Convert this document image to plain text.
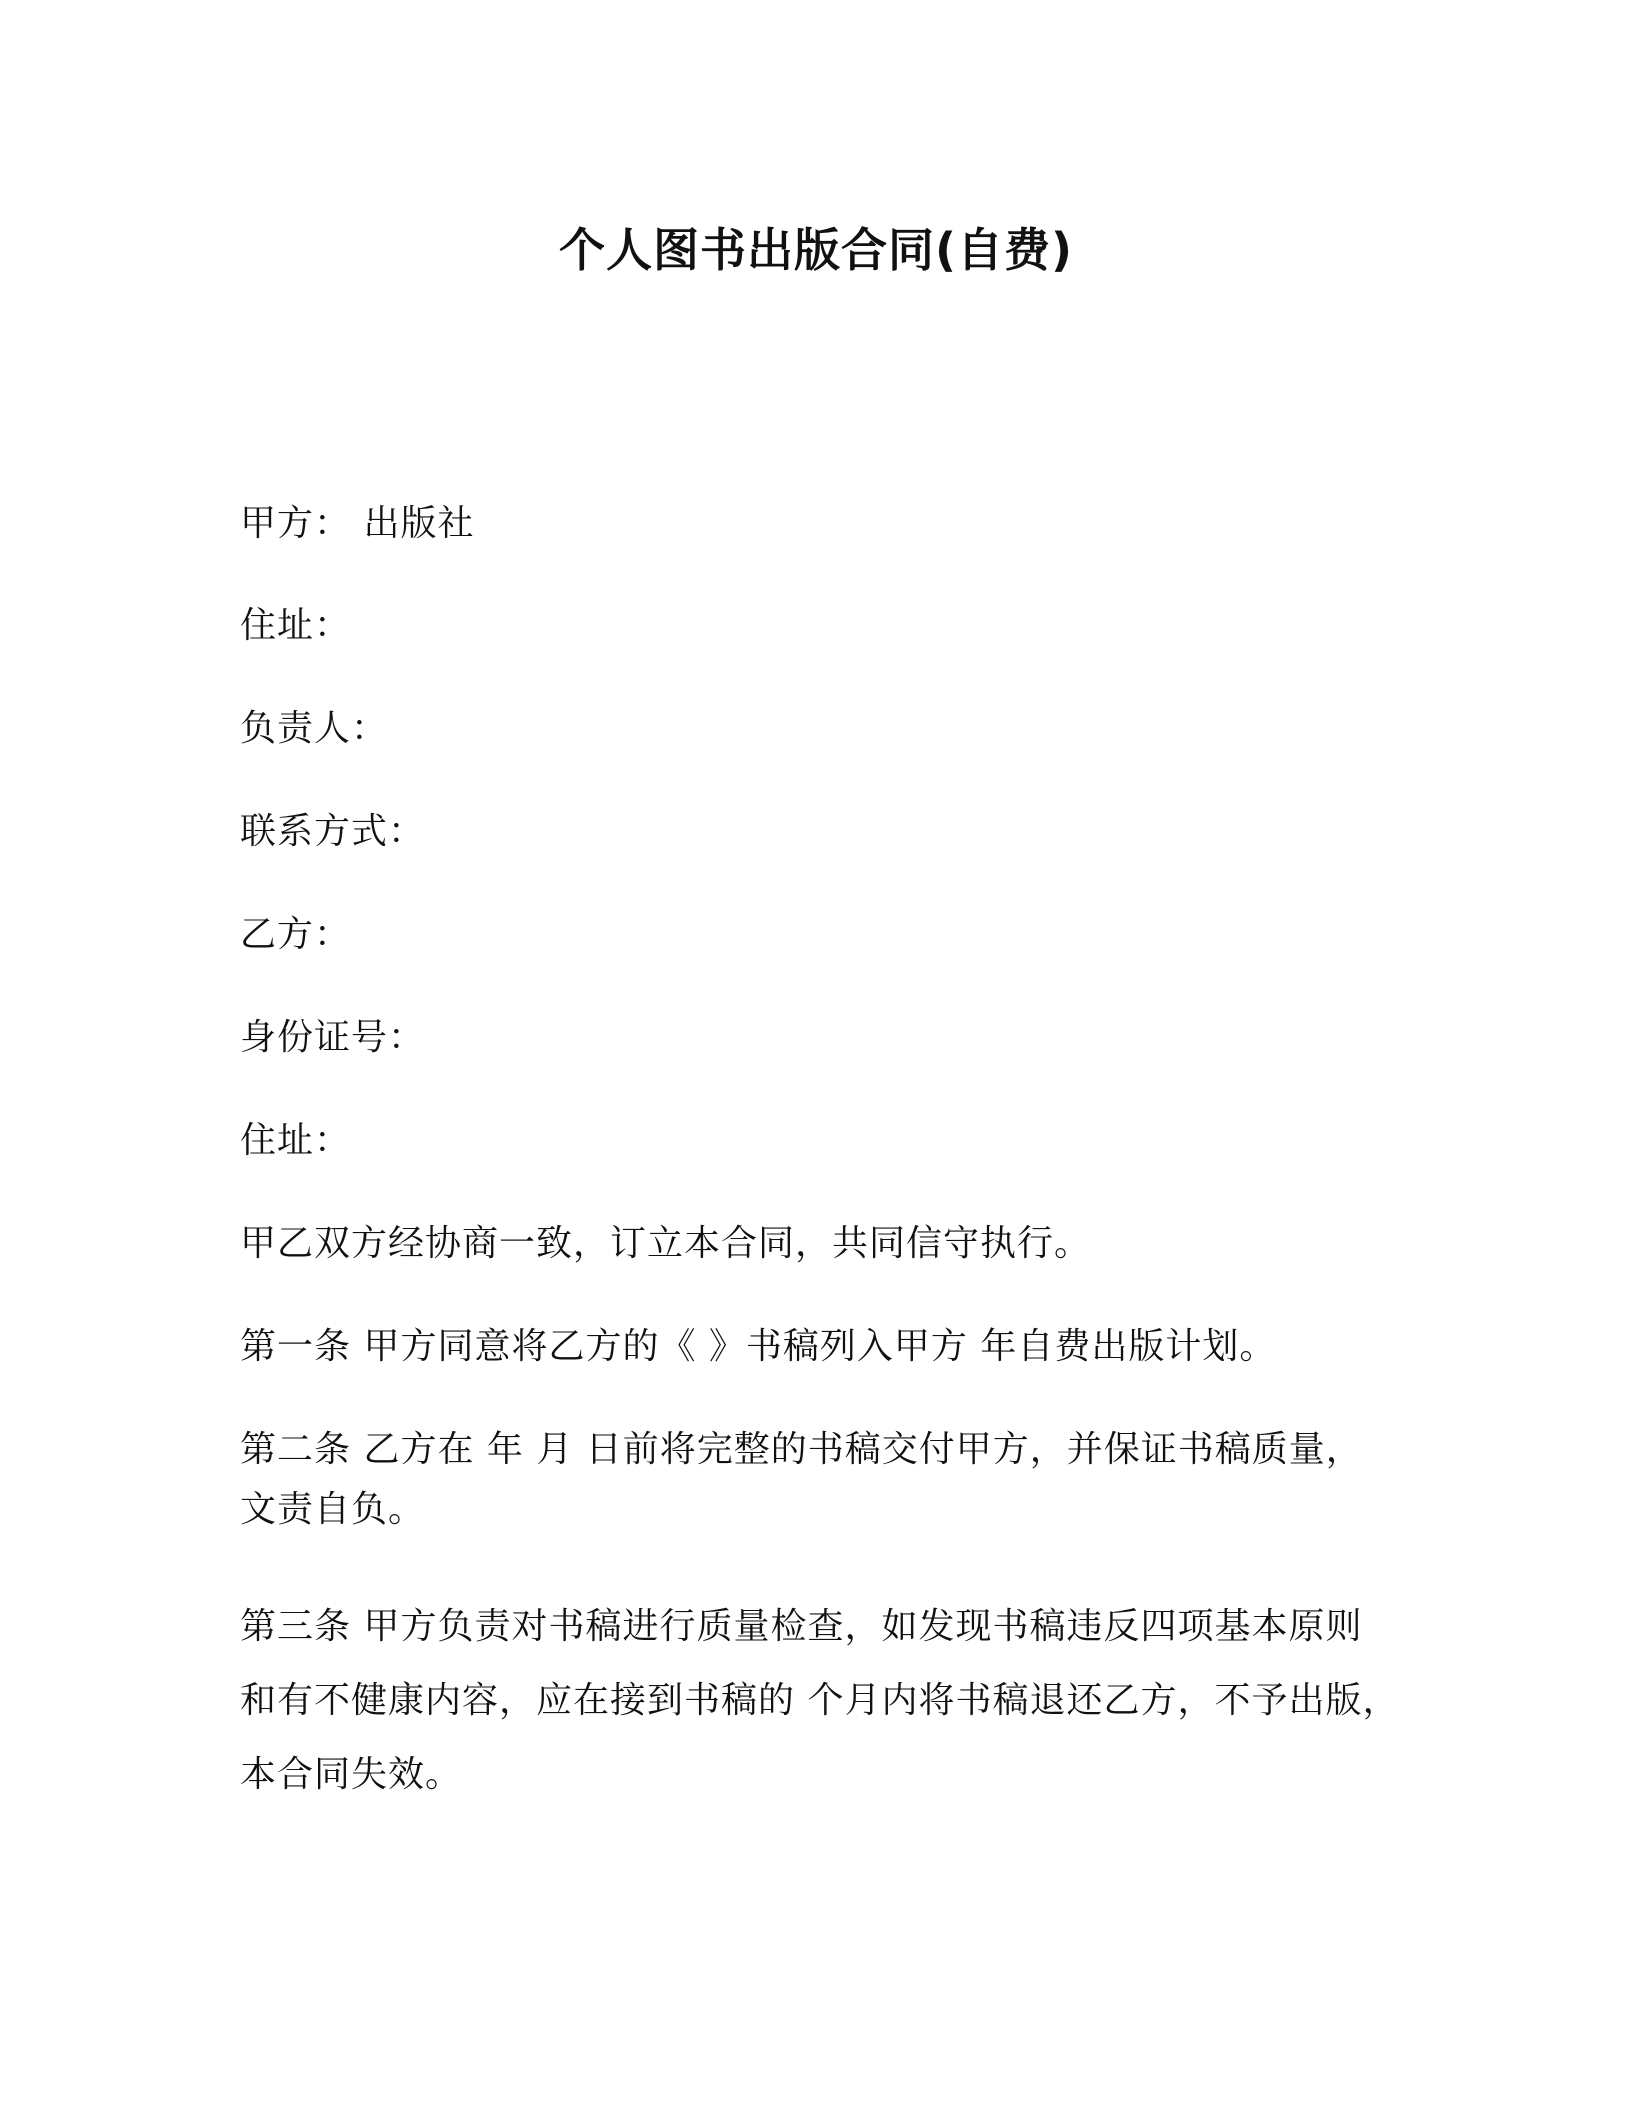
个人图书出版合同(自费)
甲方： 出版社
住址：
负责人：
联系方式：
乙方：
身份证号：
住址：
甲乙双方经协商一致，订立本合同，共同信守执行。
第一条 甲方同意将乙方的《 》书稿列入甲方 年自费出版计划。
第二条 乙方在 年 月 日前将完整的书稿交付甲方，并保证书稿质量，
文责自负。
第三条 甲方负责对书稿进行质量检查，如发现书稿违反四项基本原则
和有不健康内容，应在接到书稿的 个月内将书稿退还乙方，不予出版，
本合同失效。
